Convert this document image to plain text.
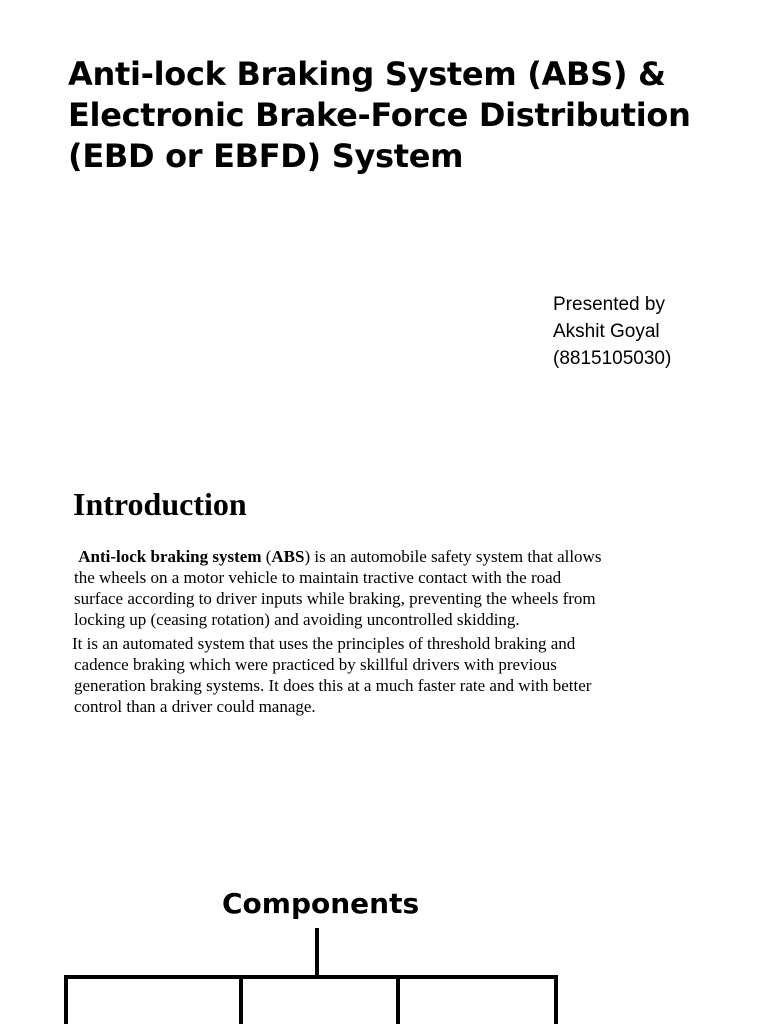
Anti-lock Braking System (ABS) &
Electronic Brake-Force Distribution
(EBD or EBFD) System
Presented by
Akshit Goyal
(8815105030)
Introduction

Anti-lock braking system (ABS) is an automobile safety system that allows
the wheels on a motor vehicle to maintain tractive contact with the road
surface according to driver inputs while braking, preventing the wheels from
locking up (ceasing rotation) and avoiding uncontrolled skidding.

It is an automated system that uses the principles of threshold braking and
cadence braking which were practiced by skillful drivers with previous
generation braking systems. It does this at a much faster rate and with better
control than a driver could manage.

Components
